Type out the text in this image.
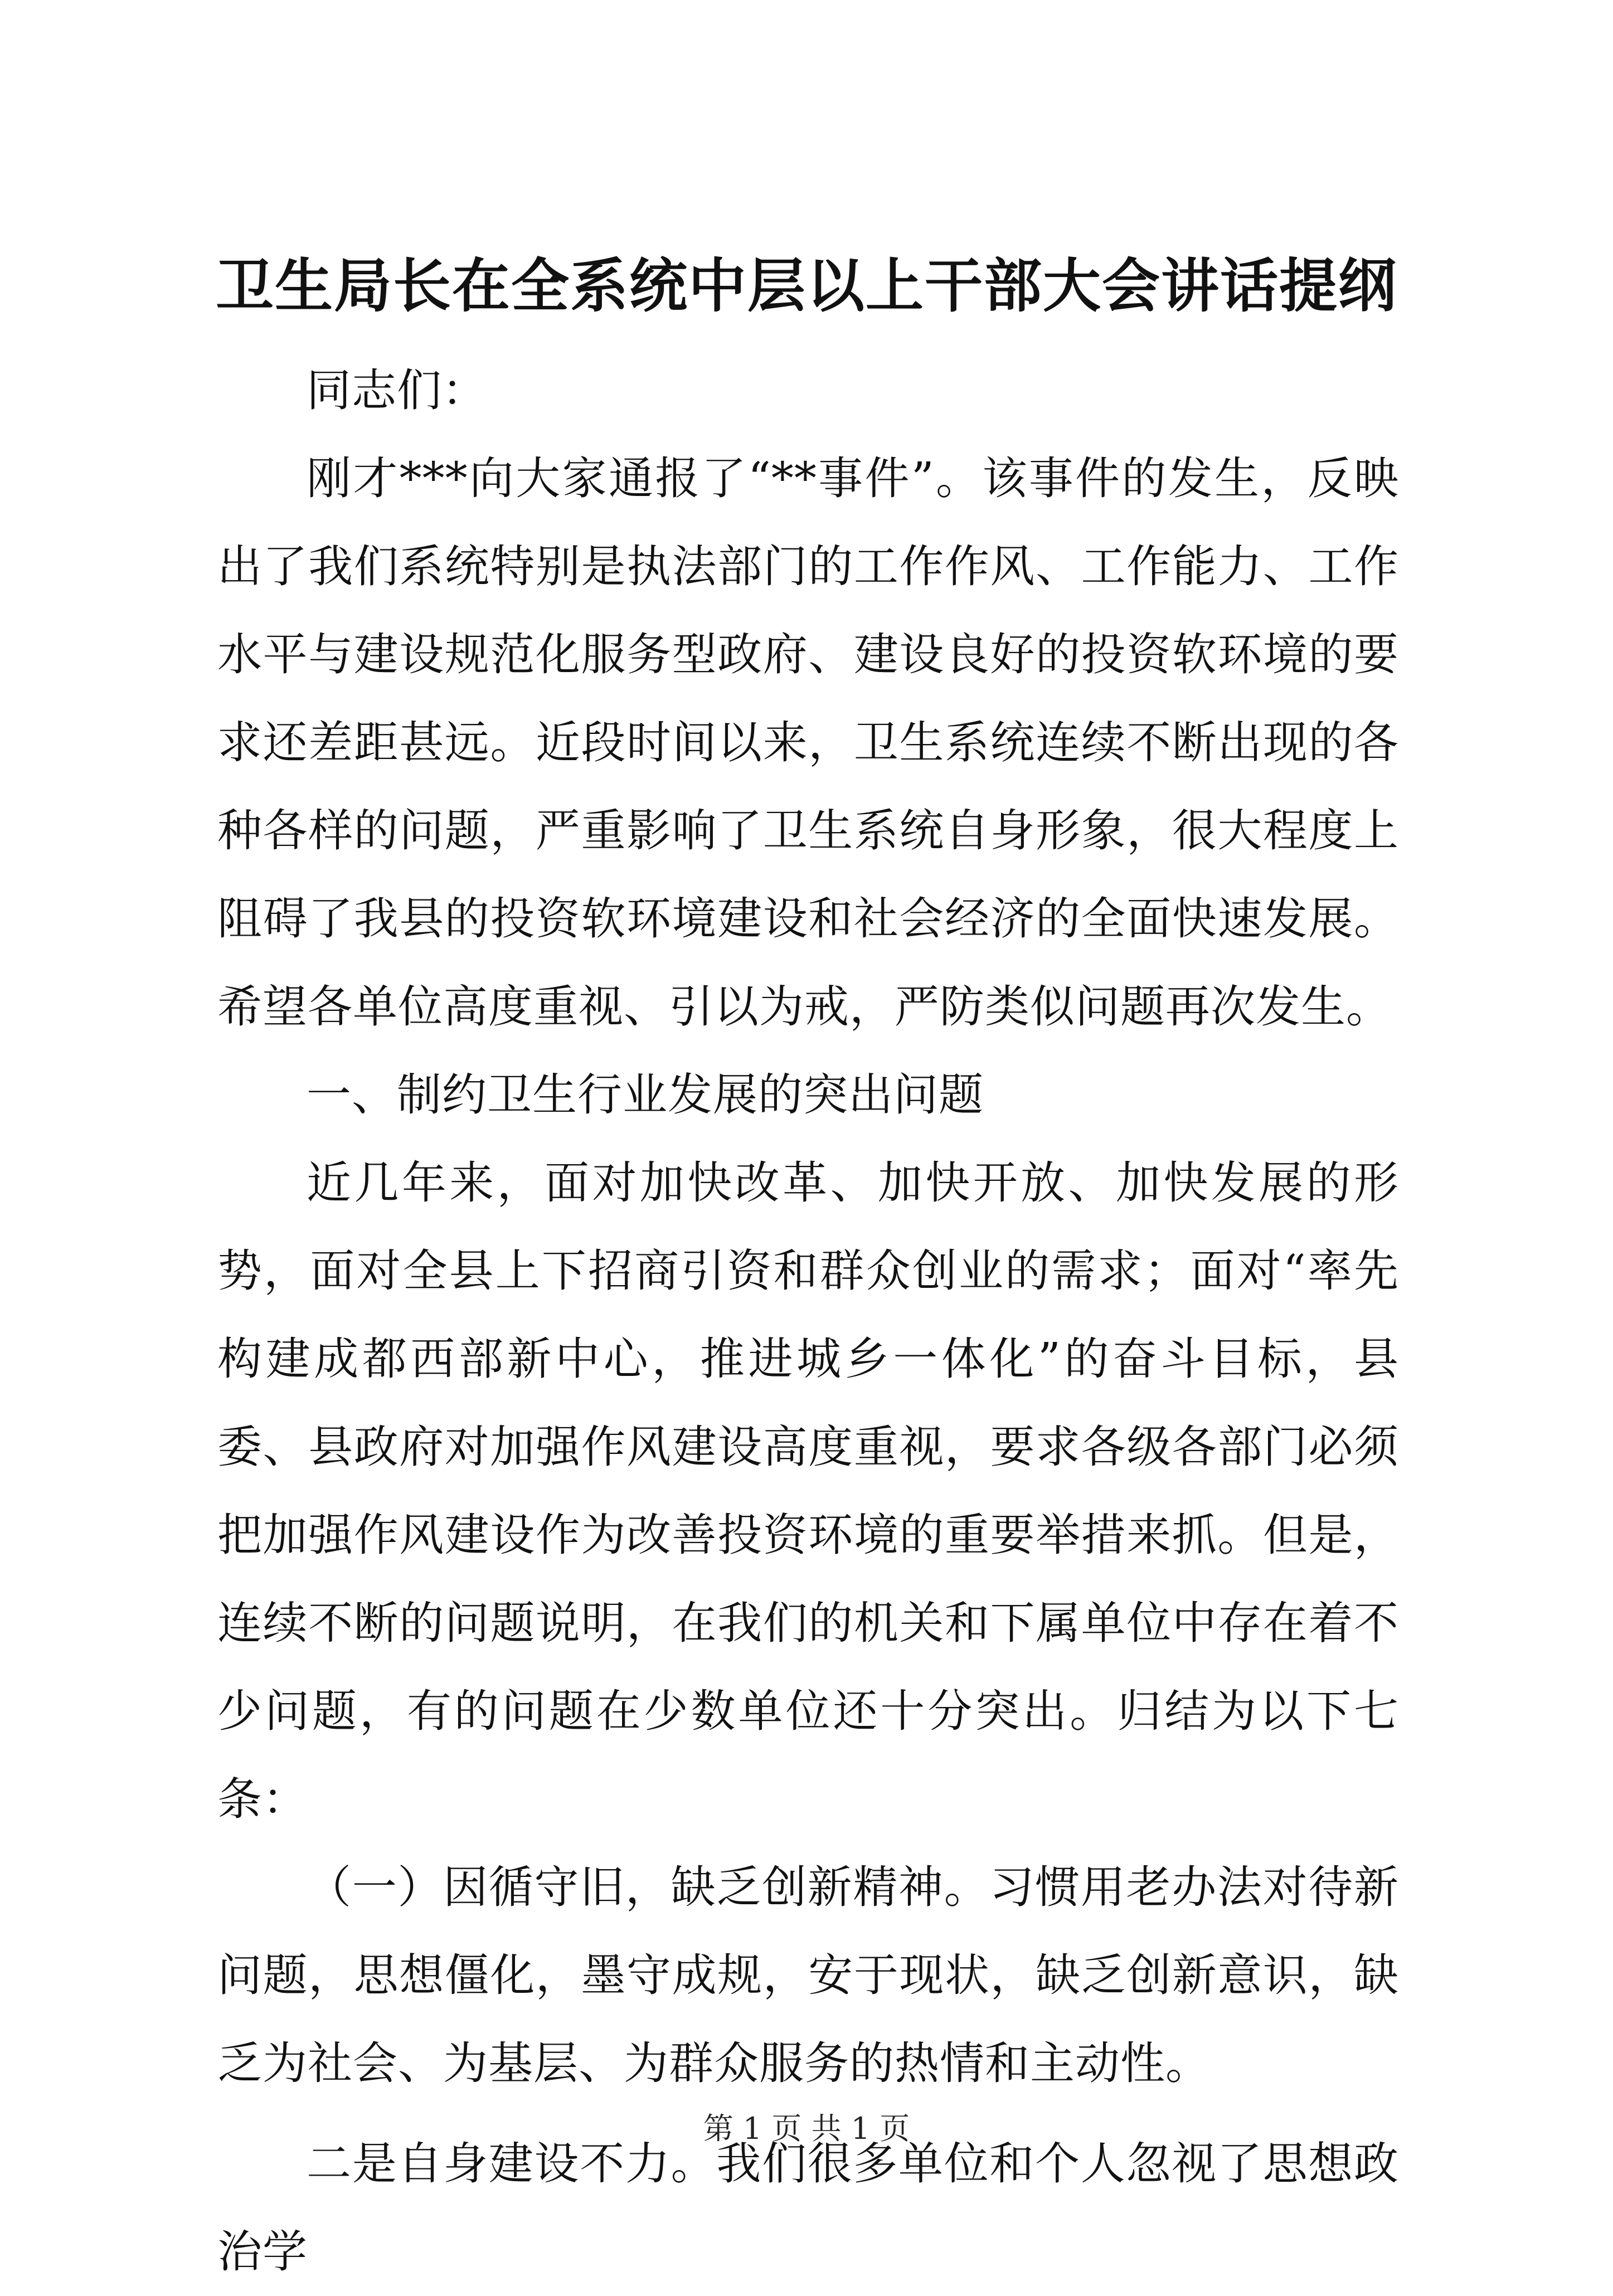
卫生局长在全系统中层以上干部大会讲话提纲

同志们：

刚才***向大家通报了“**事件”。该事件的发生，反映出了我们系统特别是执法部门的工作作风、工作能力、工作水平与建设规范化服务型政府、建设良好的投资软环境的要求还差距甚远。近段时间以来，卫生系统连续不断出现的各种各样的问题，严重影响了卫生系统自身形象，很大程度上阻碍了我县的投资软环境建设和社会经济的全面快速发展。希望各单位高度重视、引以为戒，严防类似问题再次发生。

一、制约卫生行业发展的突出问题

近几年来，面对加快改革、加快开放、加快发展的形势，面对全县上下招商引资和群众创业的需求；面对“率先构建成都西部新中心，推进城乡一体化”的奋斗目标，县委、县政府对加强作风建设高度重视，要求各级各部门必须把加强作风建设作为改善投资环境的重要举措来抓。但是，连续不断的问题说明，在我们的机关和下属单位中存在着不少问题，有的问题在少数单位还十分突出。归结为以下七条：

（一）因循守旧，缺乏创新精神。习惯用老办法对待新问题，思想僵化，墨守成规，安于现状，缺乏创新意识，缺乏为社会、为基层、为群众服务的热情和主动性。

二是自身建设不力。我们很多单位和个人忽视了思想政治学

第 1 页 共 1 页
